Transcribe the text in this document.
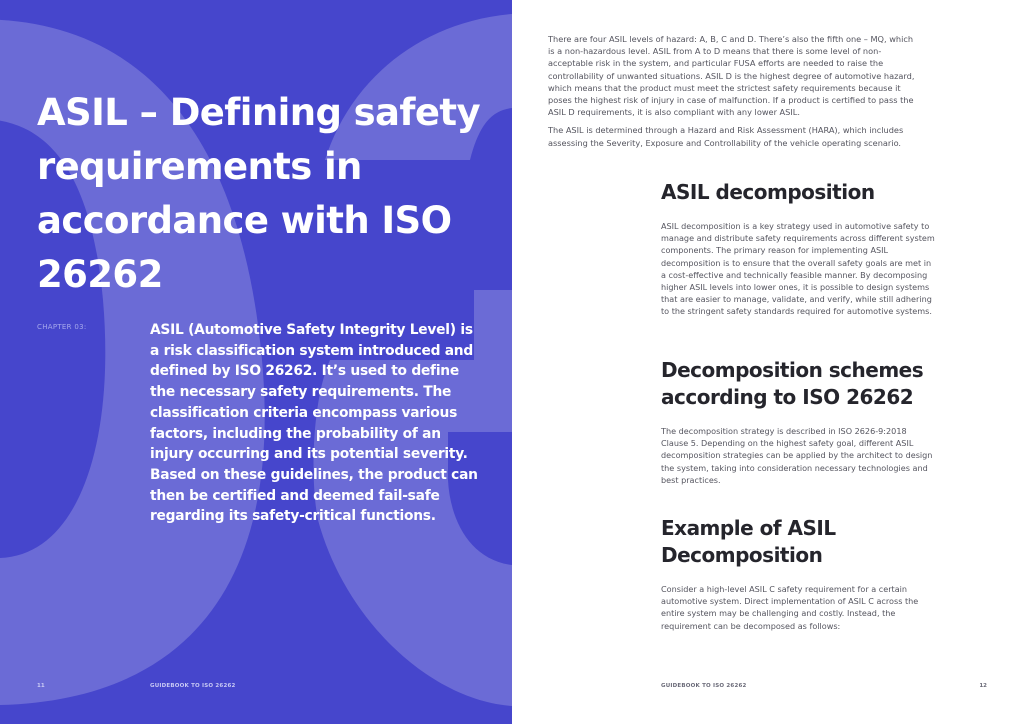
ASIL – Defining safety requirements in accordance with ISO 26262
CHAPTER 03:	ASIL (Automotive Safety Integrity Level) is a risk classification system introduced and defined by ISO 26262. It’s used to define the necessary safety requirements. The classification criteria encompass various factors, including the probability of an injury occurring and its potential severity. Based on these guidelines, the product can then be certified and deemed fail-safe regarding its safety-critical functions.

11	GUIDEBOOK TO ISO 26262

There are four ASIL levels of hazard: A, B, C and D. There’s also the fifth one – MQ, which is a non-hazardous level. ASIL from A to D means that there is some level of non-acceptable risk in the system, and particular FUSA efforts are needed to raise the controllability of unwanted situations. ASIL D is the highest degree of automotive hazard, which means that the product must meet the strictest safety requirements because it poses the highest risk of injury in case of malfunction. If a product is certified to pass the ASIL D requirements, it is also compliant with any lower ASIL.

The ASIL is determined through a Hazard and Risk Assessment (HARA), which includes assessing the Severity, Exposure and Controllability of the vehicle operating scenario.

ASIL decomposition

ASIL decomposition is a key strategy used in automotive safety to manage and distribute safety requirements across different system components. The primary reason for implementing ASIL decomposition is to ensure that the overall safety goals are met in a cost-effective and technically feasible manner. By decomposing higher ASIL levels into lower ones, it is possible to design systems that are easier to manage, validate, and verify, while still adhering to the stringent safety standards required for automotive systems.

Decomposition schemes according to ISO 26262

The decomposition strategy is described in ISO 2626-9:2018 Clause 5. Depending on the highest safety goal, different ASIL decomposition strategies can be applied by the architect to design the system, taking into consideration necessary technologies and best practices.

Example of ASIL Decomposition

Consider a high-level ASIL C safety requirement for a certain automotive system. Direct implementation of ASIL C across the entire system may be challenging and costly. Instead, the requirement can be decomposed as follows:

GUIDEBOOK TO ISO 26262	12
